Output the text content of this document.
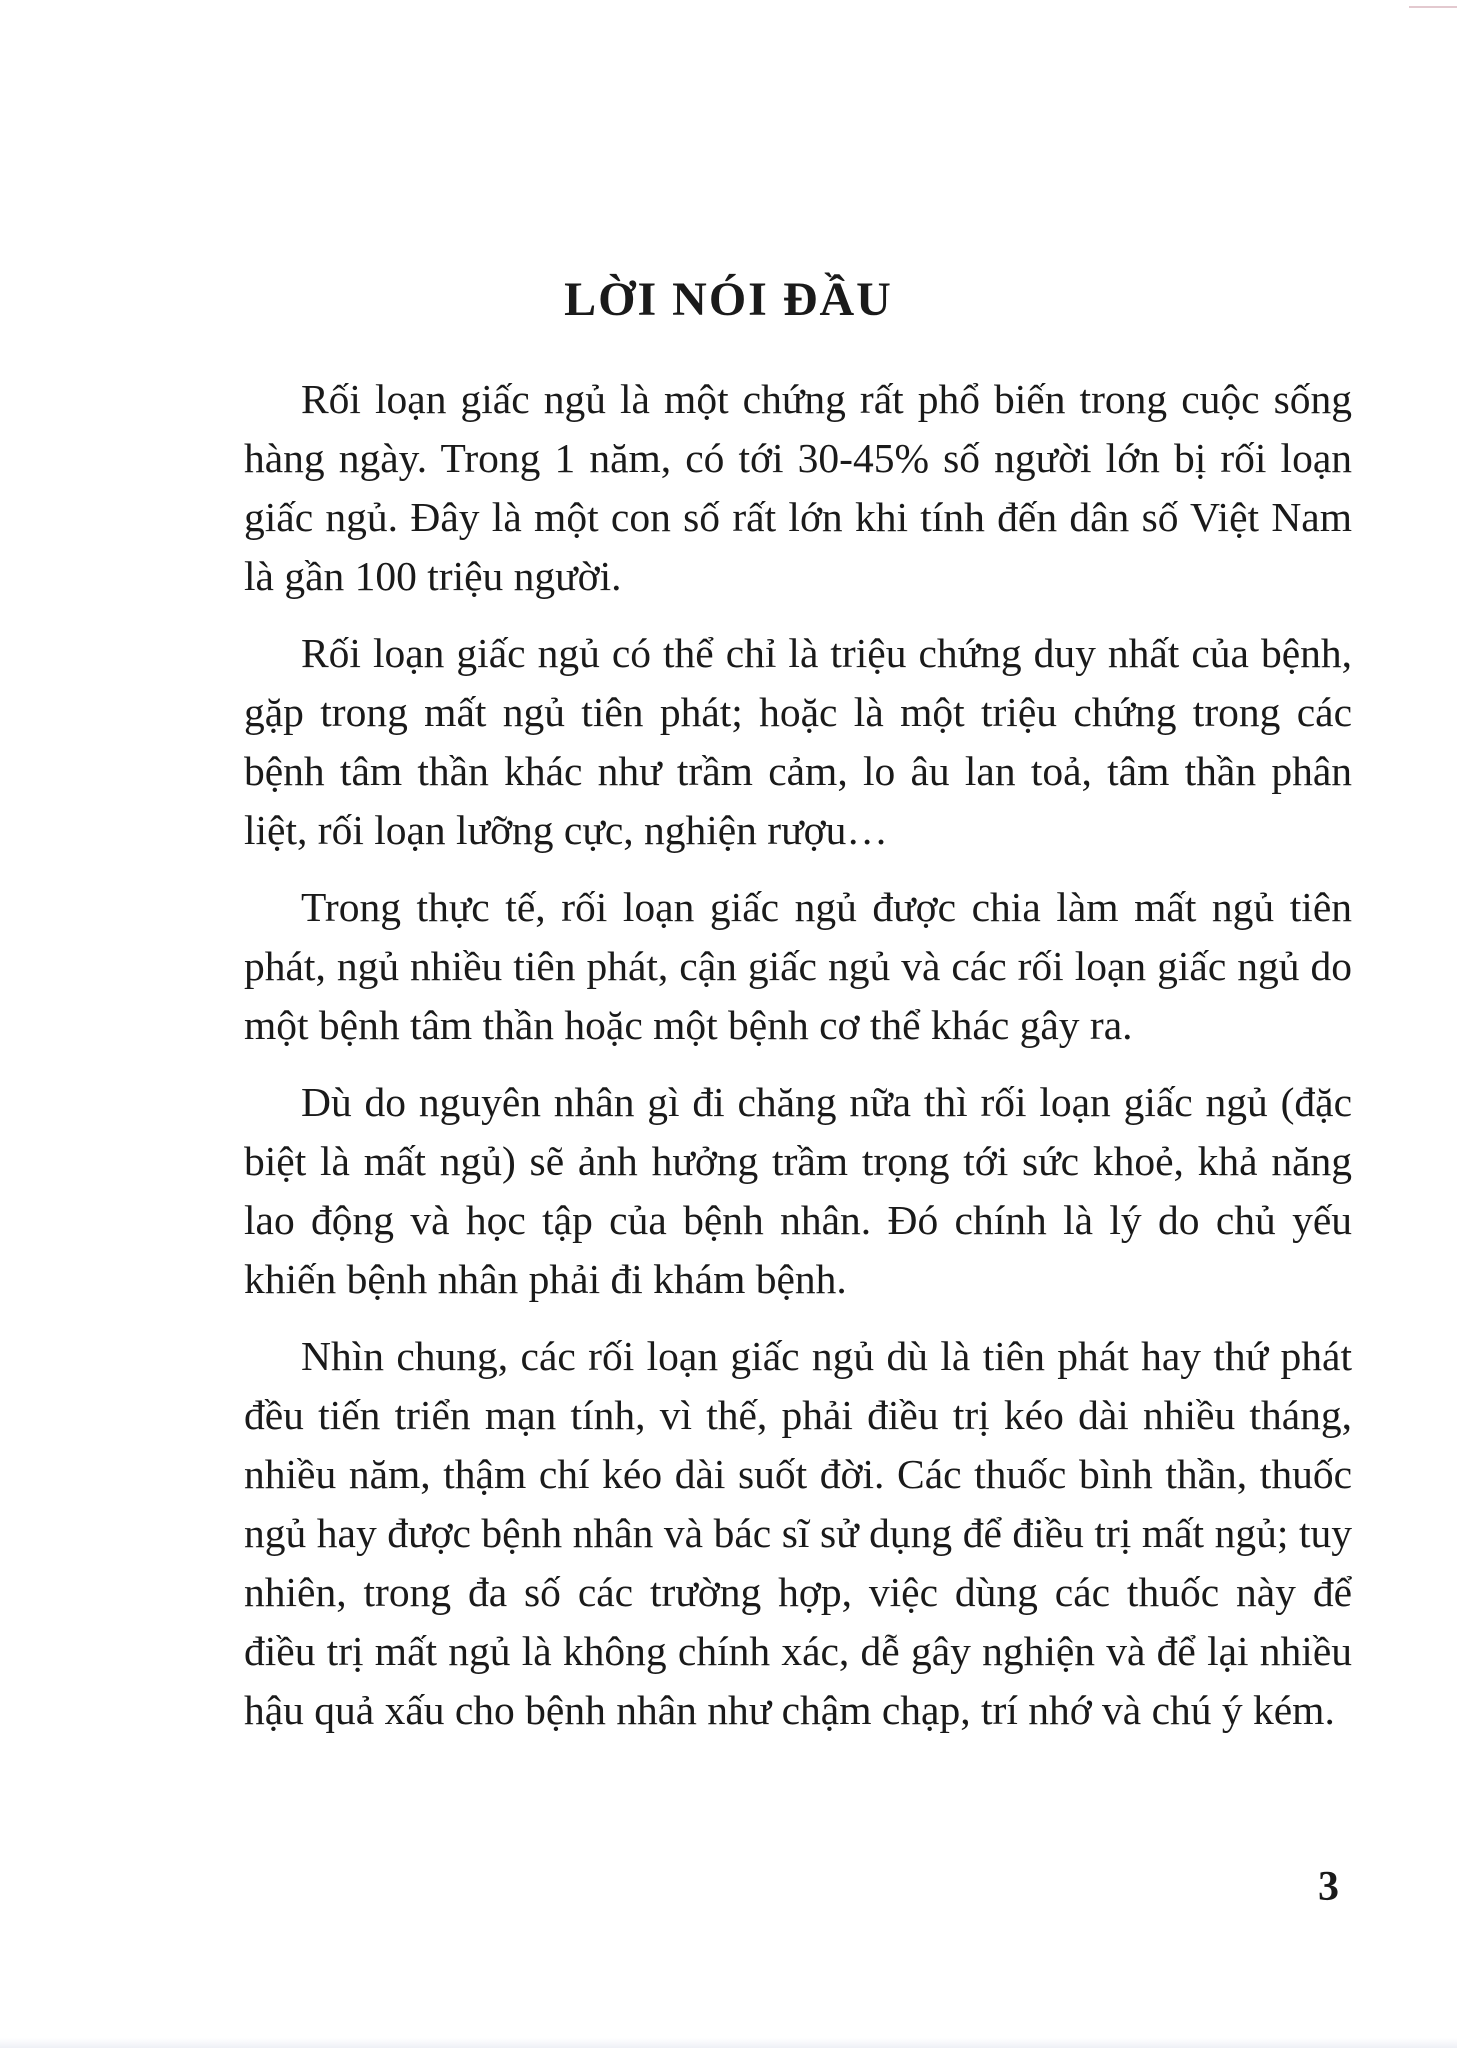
LỜI NÓI ĐẦU

Rối loạn giấc ngủ là một chứng rất phổ biến trong cuộc sống hàng ngày. Trong 1 năm, có tới 30-45% số người lớn bị rối loạn giấc ngủ. Đây là một con số rất lớn khi tính đến dân số Việt Nam là gần 100 triệu người.

Rối loạn giấc ngủ có thể chỉ là triệu chứng duy nhất của bệnh, gặp trong mất ngủ tiên phát; hoặc là một triệu chứng trong các bệnh tâm thần khác như trầm cảm, lo âu lan toả, tâm thần phân liệt, rối loạn lưỡng cực, nghiện rượu…

Trong thực tế, rối loạn giấc ngủ được chia làm mất ngủ tiên phát, ngủ nhiều tiên phát, cận giấc ngủ và các rối loạn giấc ngủ do một bệnh tâm thần hoặc một bệnh cơ thể khác gây ra.

Dù do nguyên nhân gì đi chăng nữa thì rối loạn giấc ngủ (đặc biệt là mất ngủ) sẽ ảnh hưởng trầm trọng tới sức khoẻ, khả năng lao động và học tập của bệnh nhân. Đó chính là lý do chủ yếu khiến bệnh nhân phải đi khám bệnh.

Nhìn chung, các rối loạn giấc ngủ dù là tiên phát hay thứ phát đều tiến triển mạn tính, vì thế, phải điều trị kéo dài nhiều tháng, nhiều năm, thậm chí kéo dài suốt đời. Các thuốc bình thần, thuốc ngủ hay được bệnh nhân và bác sĩ sử dụng để điều trị mất ngủ; tuy nhiên, trong đa số các trường hợp, việc dùng các thuốc này để điều trị mất ngủ là không chính xác, dễ gây nghiện và để lại nhiều hậu quả xấu cho bệnh nhân như chậm chạp, trí nhớ và chú ý kém.

3
